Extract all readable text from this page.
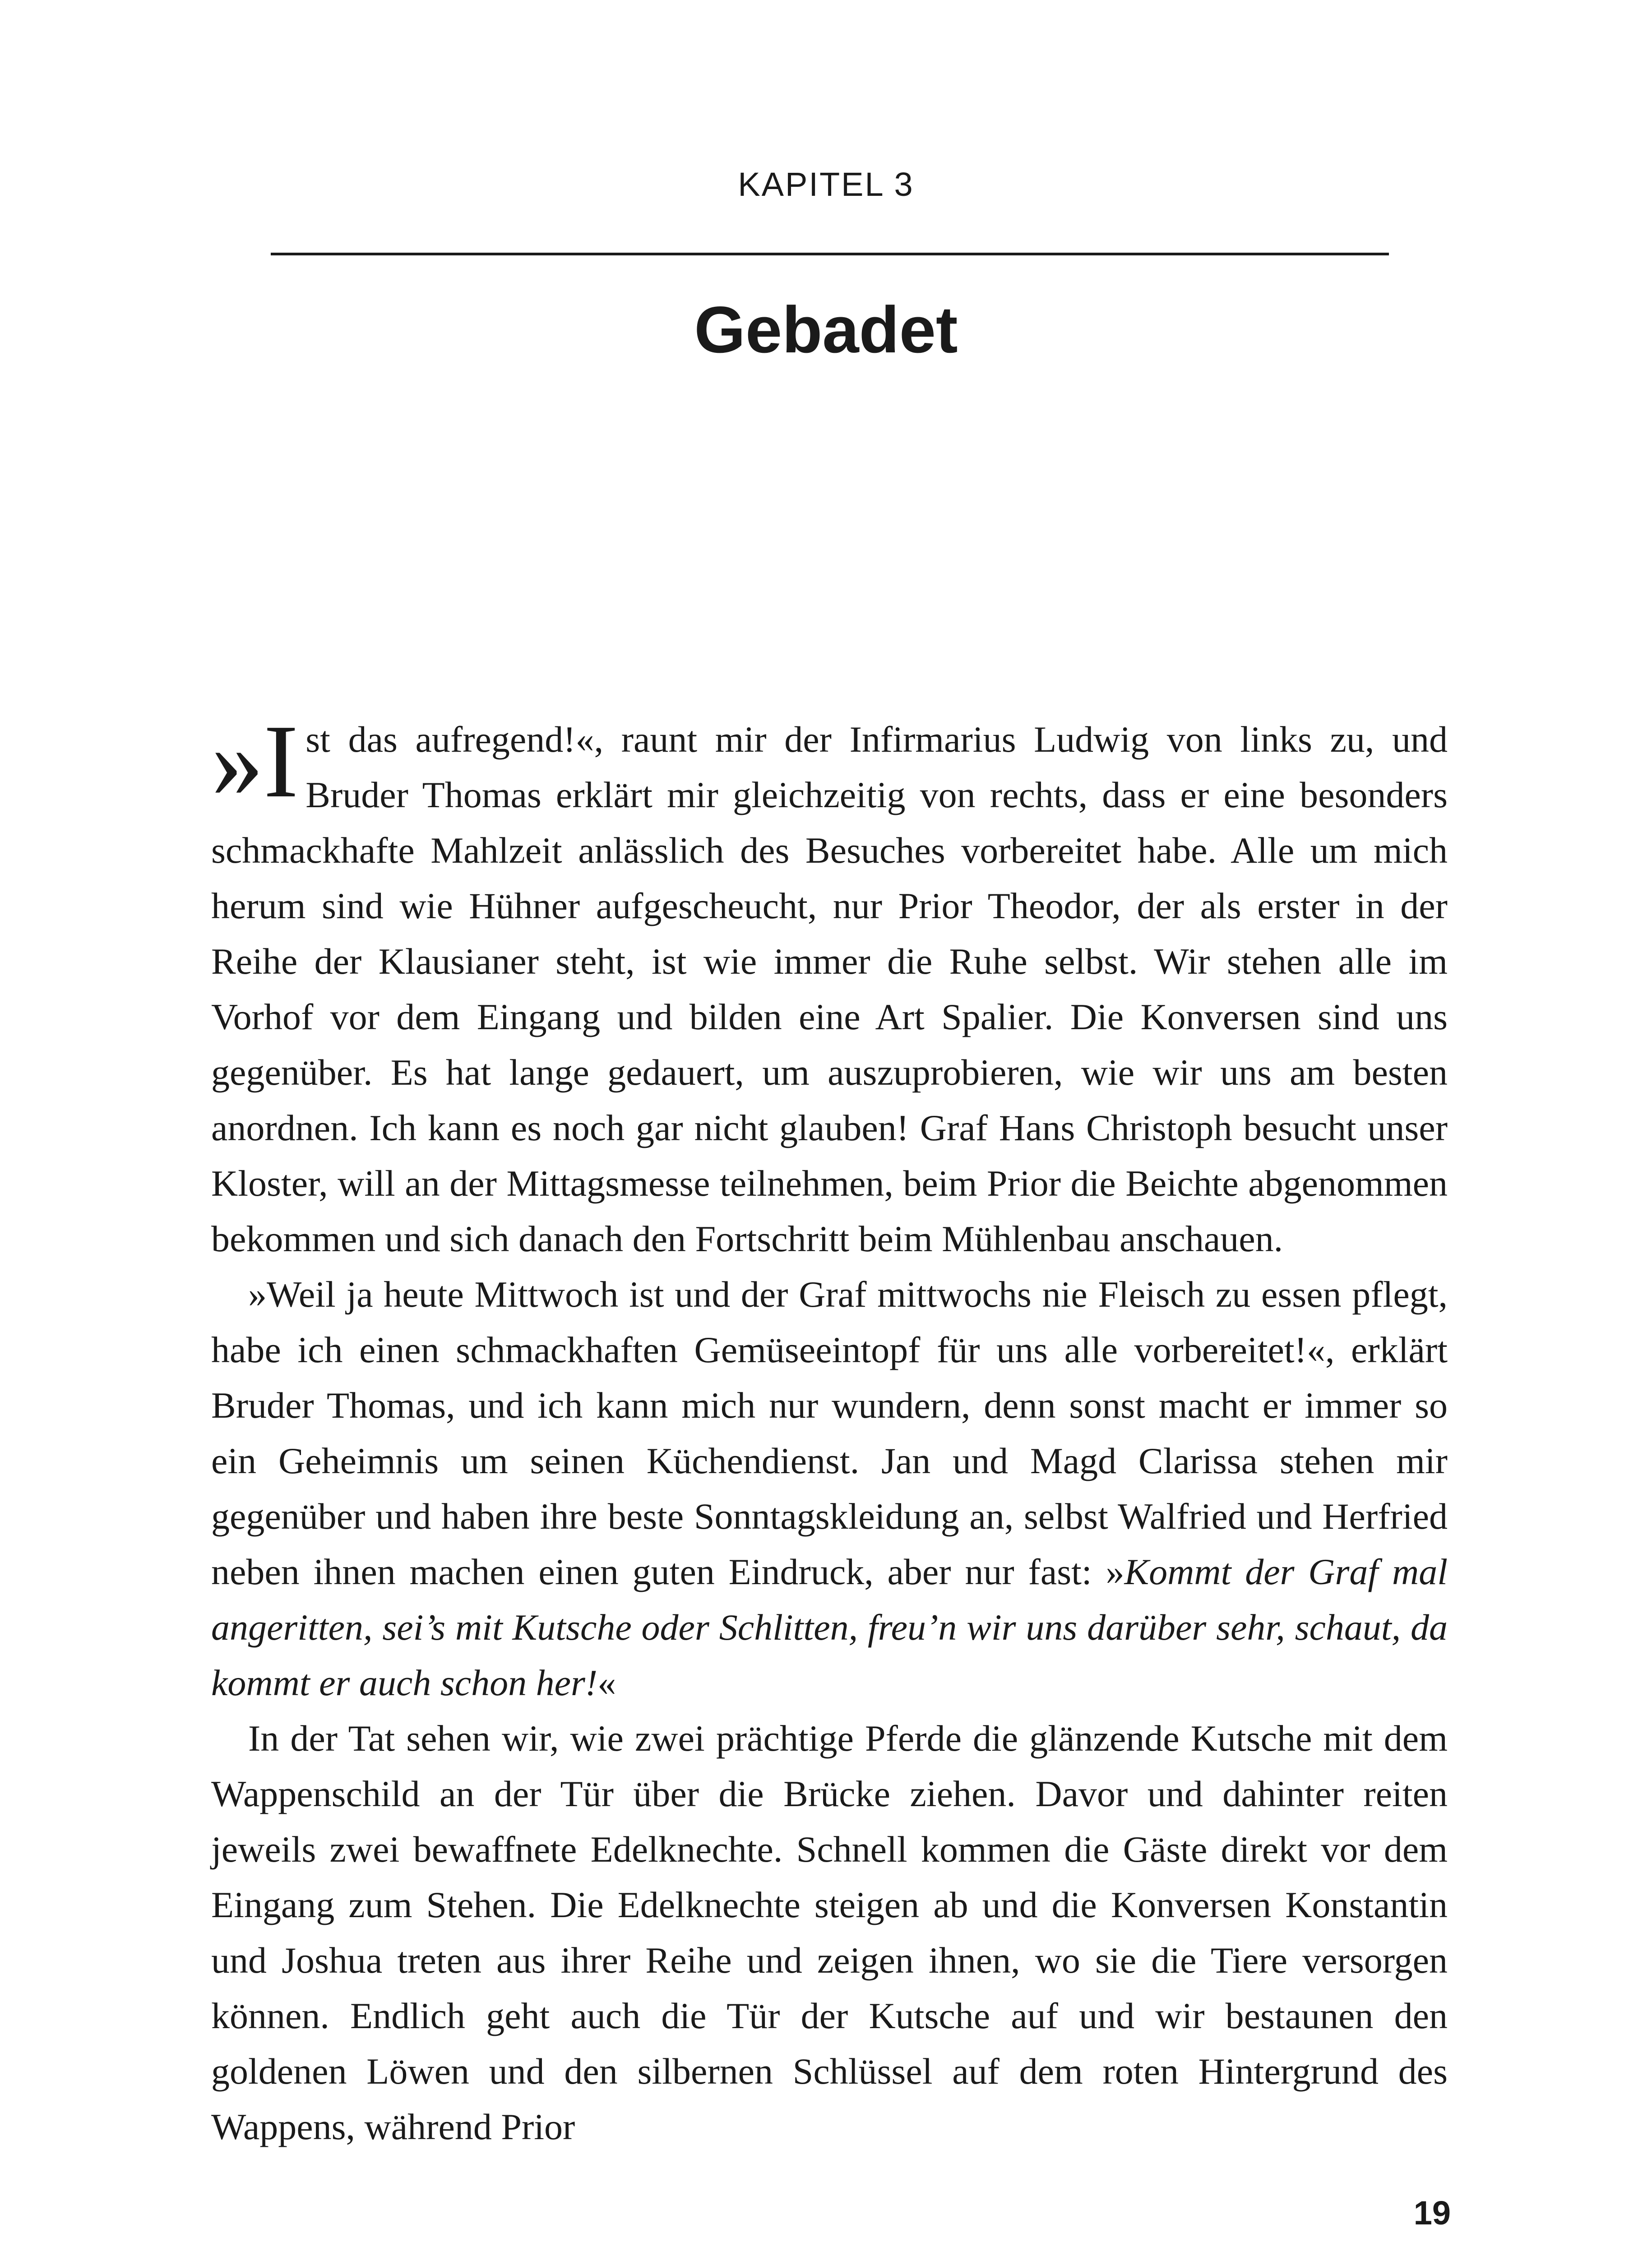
KAPITEL 3
Gebadet

»I st das aufregend!«, raunt mir der Infirmarius Ludwig von links zu, und Bruder Thomas erklärt mir gleichzeitig von rechts, dass er eine besonders schmackhafte Mahlzeit anlässlich des Besuches vorbereitet habe. Alle um mich herum sind wie Hühner aufgescheucht, nur Prior Theodor, der als erster in der Reihe der Klausianer steht, ist wie immer die Ruhe selbst. Wir stehen alle im Vorhof vor dem Eingang und bilden eine Art Spalier. Die Konversen sind uns gegenüber. Es hat lange gedauert, um auszuprobieren, wie wir uns am besten anordnen. Ich kann es noch gar nicht glauben! Graf Hans Christoph besucht unser Kloster, will an der Mittagsmesse teilnehmen, beim Prior die Beichte abgenommen bekommen und sich danach den Fortschritt beim Mühlenbau anschauen.

»Weil ja heute Mittwoch ist und der Graf mittwochs nie Fleisch zu essen pflegt, habe ich einen schmackhaften Gemüseeintopf für uns alle vorbereitet!«, erklärt Bruder Thomas, und ich kann mich nur wundern, denn sonst macht er immer so ein Geheimnis um seinen Küchendienst. Jan und Magd Clarissa stehen mir gegenüber und haben ihre beste Sonntagskleidung an, selbst Walfried und Herfried neben ihnen machen einen guten Eindruck, aber nur fast: »Kommt der Graf mal angeritten, sei’s mit Kutsche oder Schlitten, freu’n wir uns darüber sehr, schaut, da kommt er auch schon her!«

In der Tat sehen wir, wie zwei prächtige Pferde die glänzende Kutsche mit dem Wappenschild an der Tür über die Brücke ziehen. Davor und dahinter reiten jeweils zwei bewaffnete Edelknechte. Schnell kommen die Gäste direkt vor dem Eingang zum Stehen. Die Edelknechte steigen ab und die Konversen Konstantin und Joshua treten aus ihrer Reihe und zeigen ihnen, wo sie die Tiere versorgen können. Endlich geht auch die Tür der Kutsche auf und wir bestaunen den goldenen Löwen und den silbernen Schlüssel auf dem roten Hintergrund des Wappens, während Prior

19
